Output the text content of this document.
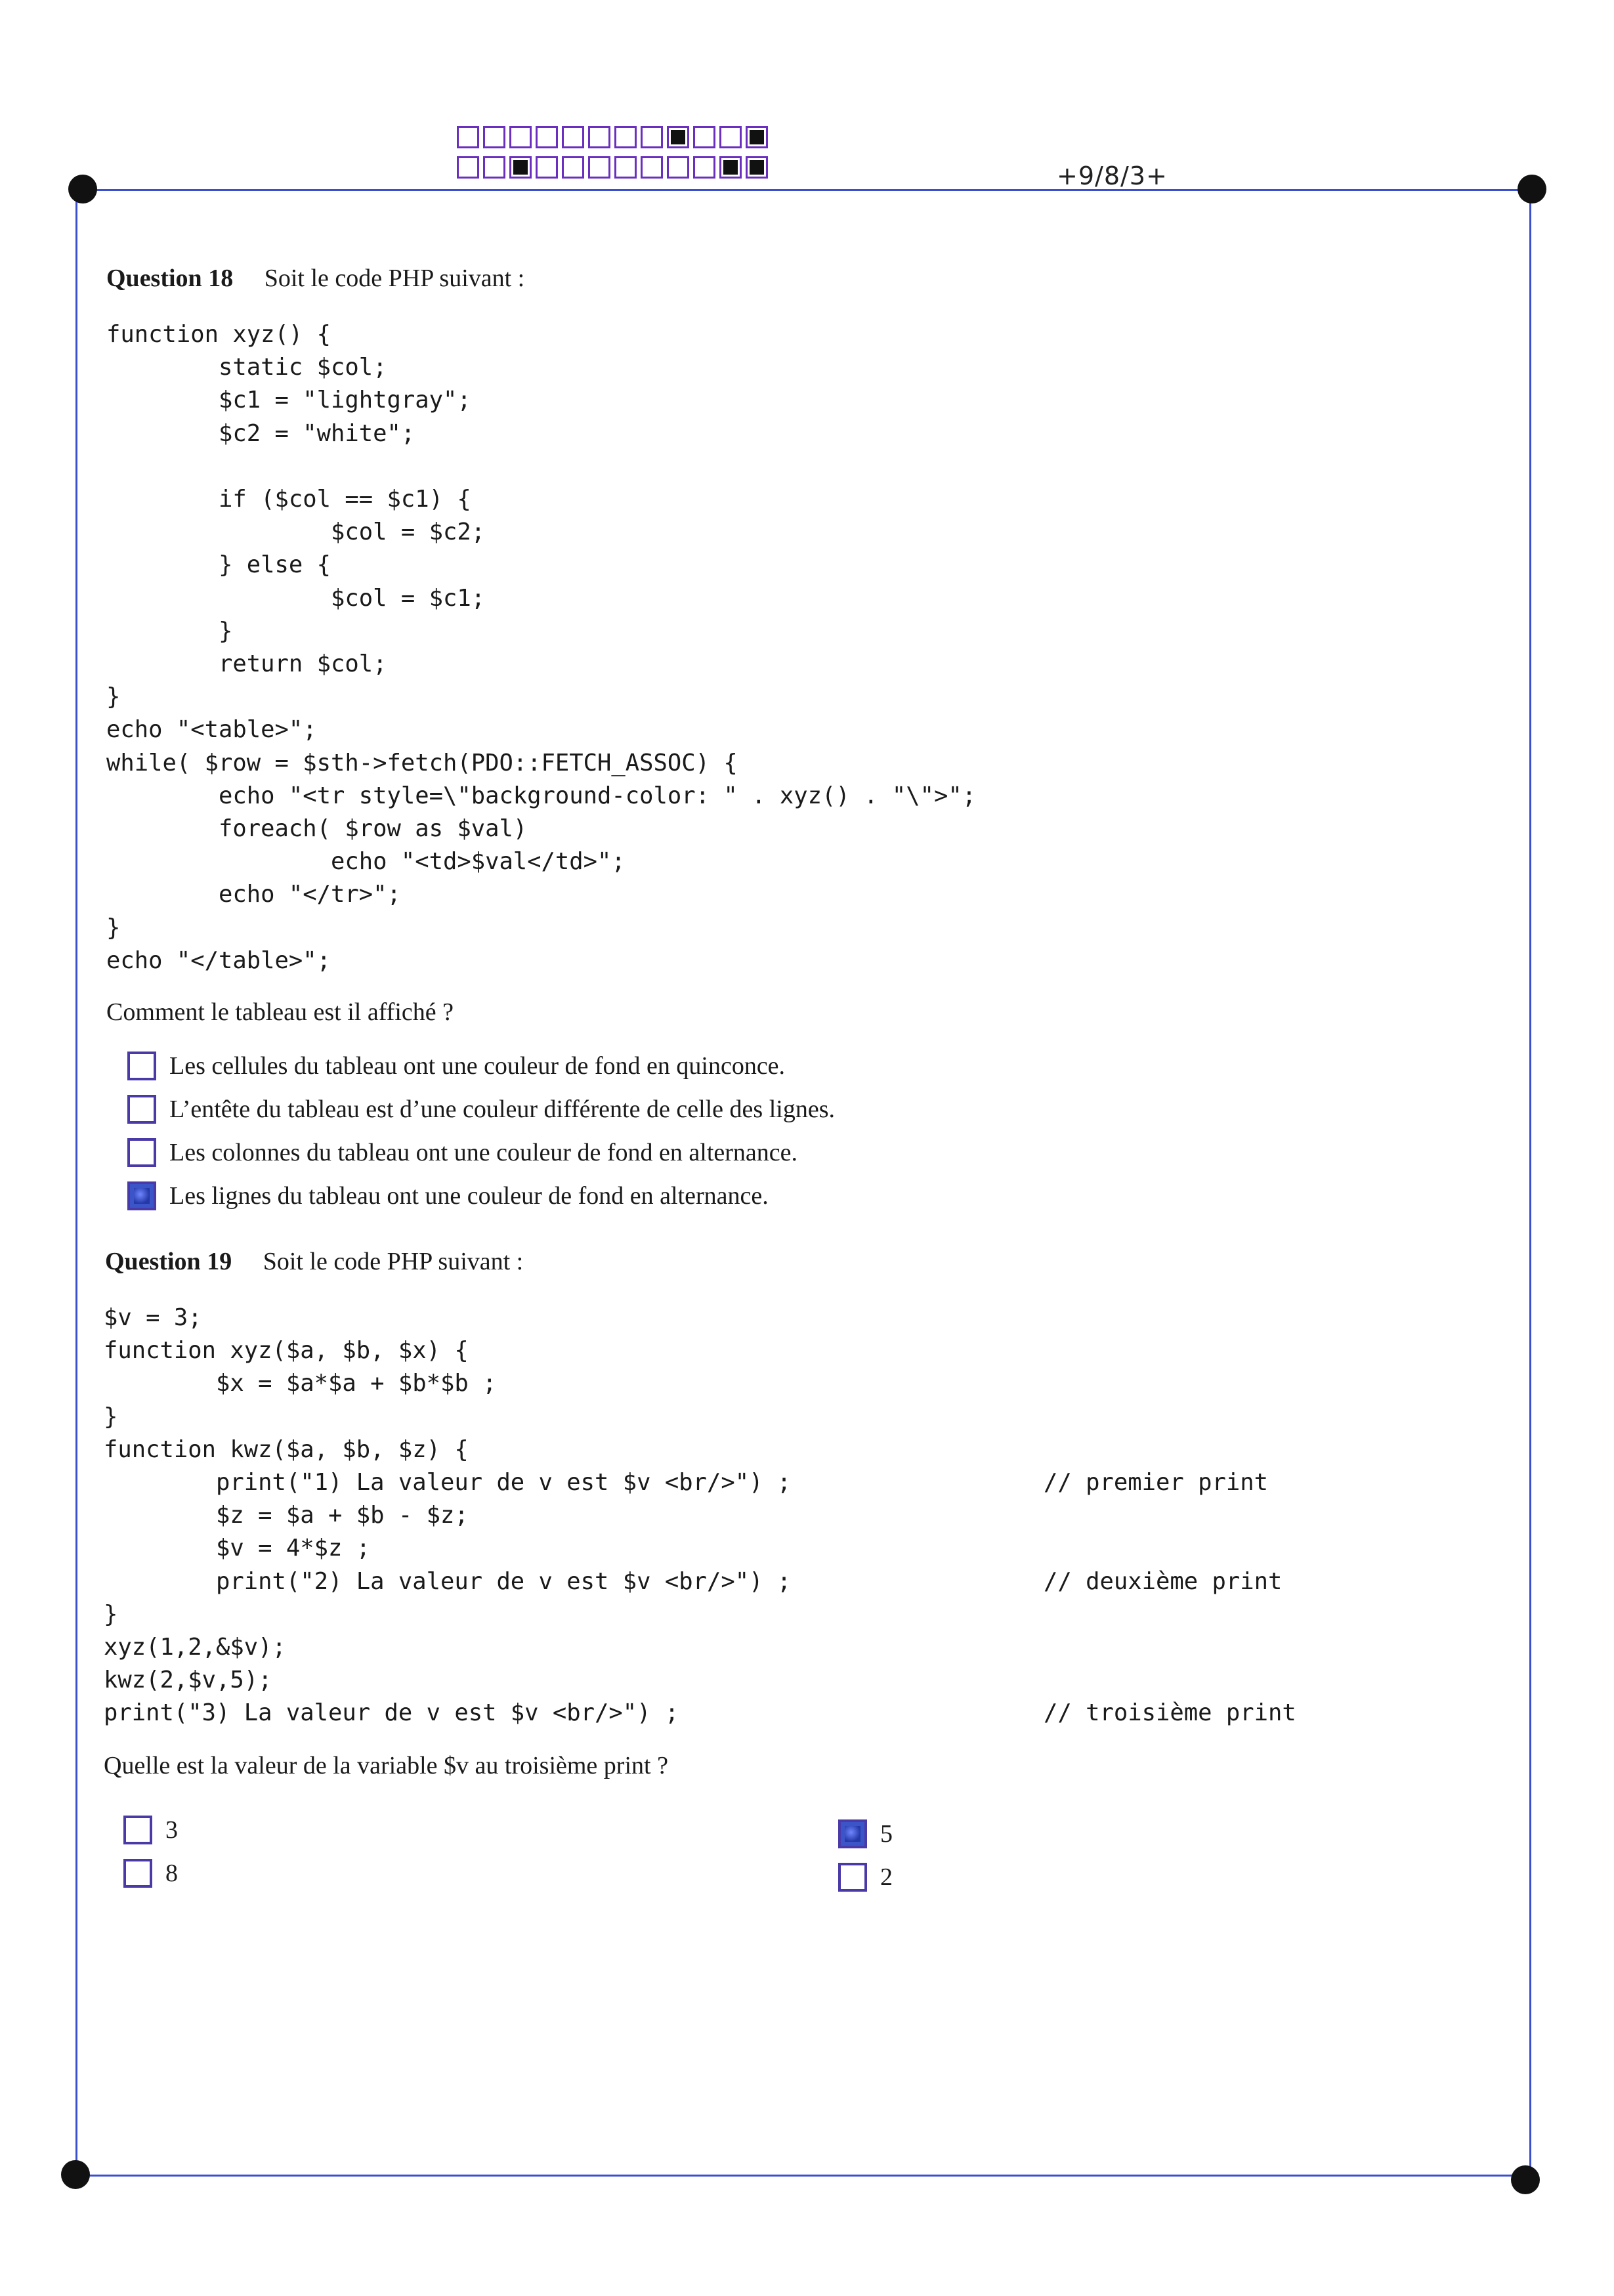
+9/8/3+
Question 18 Soit le code PHP suivant :
function xyz() {
static $col;
$c1 = "lightgray";
$c2 = "white";

if ($col == $c1) {
$col = $c2;
} else {
$col = $c1;
}
return $col;
}
echo "<table>";
while( $row = $sth->fetch(PDO::FETCH_ASSOC) {
echo "<tr style=\"background-color: " . xyz() . "\">";
foreach( $row as $val)
echo "<td>$val</td>";
echo "</tr>";
}
echo "</table>";
Comment le tableau est il affiché ?
Les cellules du tableau ont une couleur de fond en quinconce.
L’entête du tableau est d’une couleur différente de celle des lignes.
Les colonnes du tableau ont une couleur de fond en alternance.
Les lignes du tableau ont une couleur de fond en alternance.
Question 19 Soit le code PHP suivant :
$v = 3;
function xyz($a, $b, $x) {
$x = $a*$a + $b*$b ;
}
function kwz($a, $b, $z) {
print("1) La valeur de v est $v <br/>") ;                  // premier print
$z = $a + $b - $z;
$v = 4*$z ;
print("2) La valeur de v est $v <br/>") ;                  // deuxième print
}
xyz(1,2,&$v);
kwz(2,$v,5);
print("3) La valeur de v est $v <br/>") ;                          // troisième print
Quelle est la valeur de la variable $v au troisième print ?
3
8
5
2
